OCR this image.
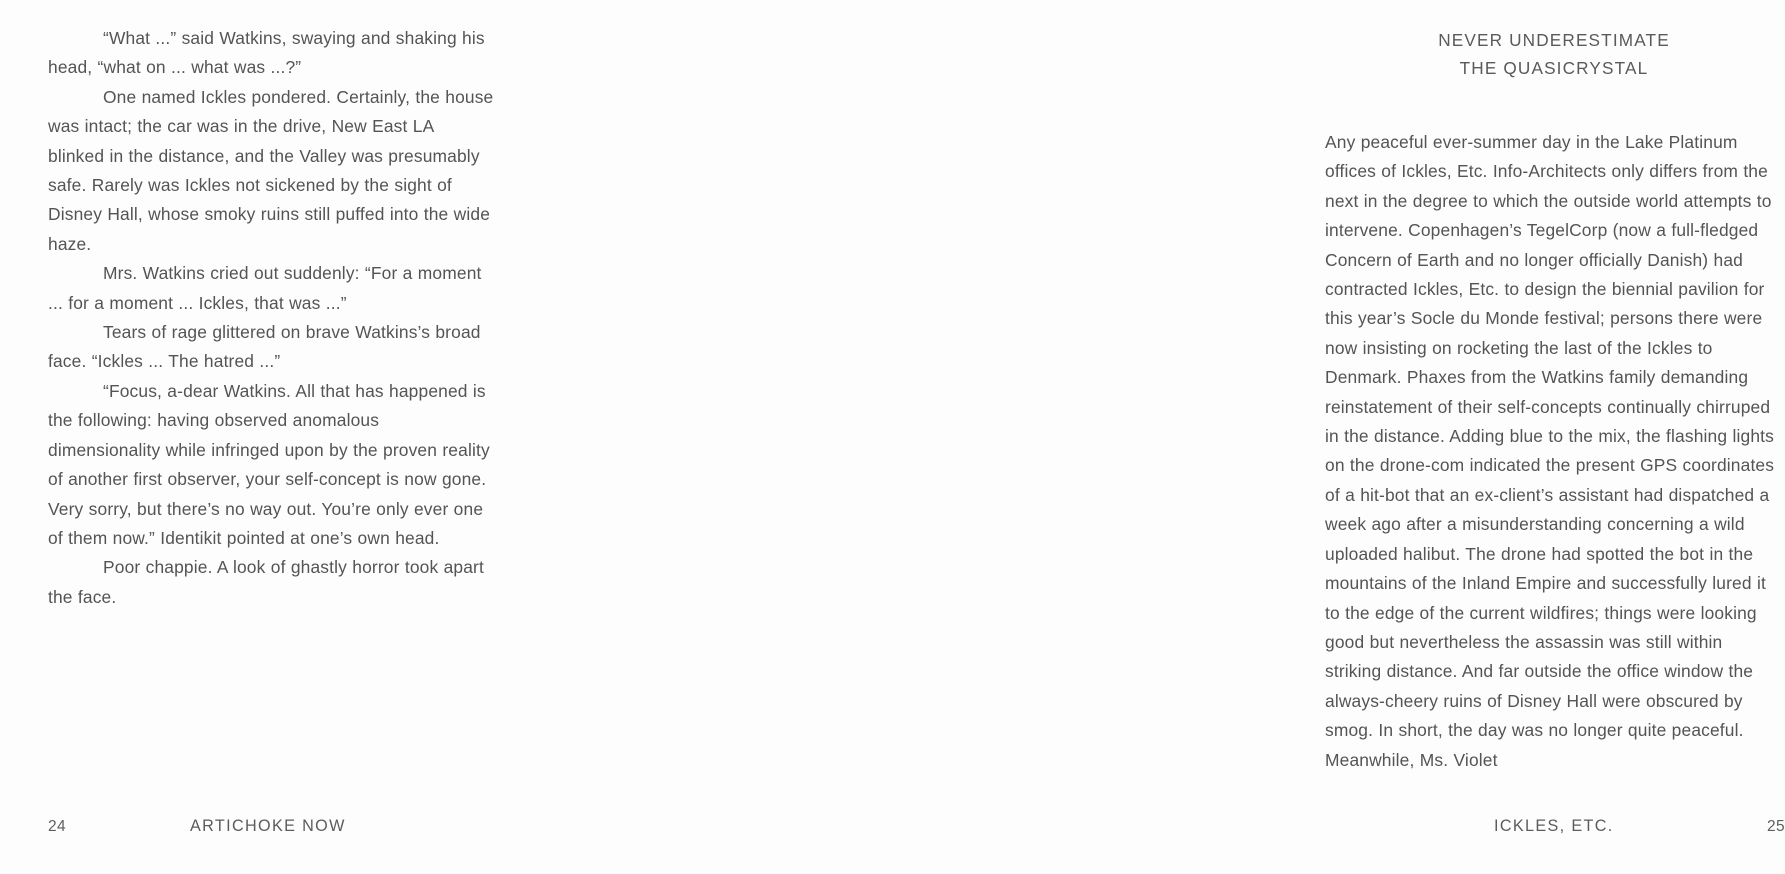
“What ...” said Watkins, swaying and shaking his head, “what on ... what was ...?”

One named Ickles pondered. Certainly, the house was intact; the car was in the drive, New East LA blinked in the distance, and the Valley was presumably safe. Rarely was Ickles not sickened by the sight of Disney Hall, whose smoky ruins still puffed into the wide haze.

Mrs. Watkins cried out suddenly: “For a moment ... for a moment ... Ickles, that was ...”

Tears of rage glittered on brave Watkins’s broad face. “Ickles ... The hatred ...”

“Focus, a-dear Watkins. All that has happened is the following: having observed anomalous dimensionality while infringed upon by the proven reality of another first observer, your self-concept is now gone. Very sorry, but there’s no way out. You’re only ever one of them now.” Identikit pointed at one’s own head.

Poor chappie. A look of ghastly horror took apart the face.

24	ARTICHOKE NOW
NEVER UNDERESTIMATE
THE QUASICRYSTAL

Any peaceful ever-summer day in the Lake Platinum offices of Ickles, Etc. Info-Architects only differs from the next in the degree to which the outside world attempts to intervene. Copenhagen’s TegelCorp (now a full-fledged Concern of Earth and no longer officially Danish) had contracted Ickles, Etc. to design the biennial pavilion for this year’s Socle du Monde festival; persons there were now insisting on rocketing the last of the Ickles to Denmark. Phaxes from the Watkins family demanding reinstatement of their self-concepts continually chirruped in the distance. Adding blue to the mix, the flashing lights on the drone-com indicated the present GPS coordinates of a hit-bot that an ex-client’s assistant had dispatched a week ago after a misunderstanding concerning a wild uploaded halibut. The drone had spotted the bot in the mountains of the Inland Empire and successfully lured it to the edge of the current wildfires; things were looking good but nevertheless the assassin was still within striking distance. And far outside the office window the always-cheery ruins of Disney Hall were obscured by smog. In short, the day was no longer quite peaceful. Meanwhile, Ms. Violet

ICKLES, ETC.	25
